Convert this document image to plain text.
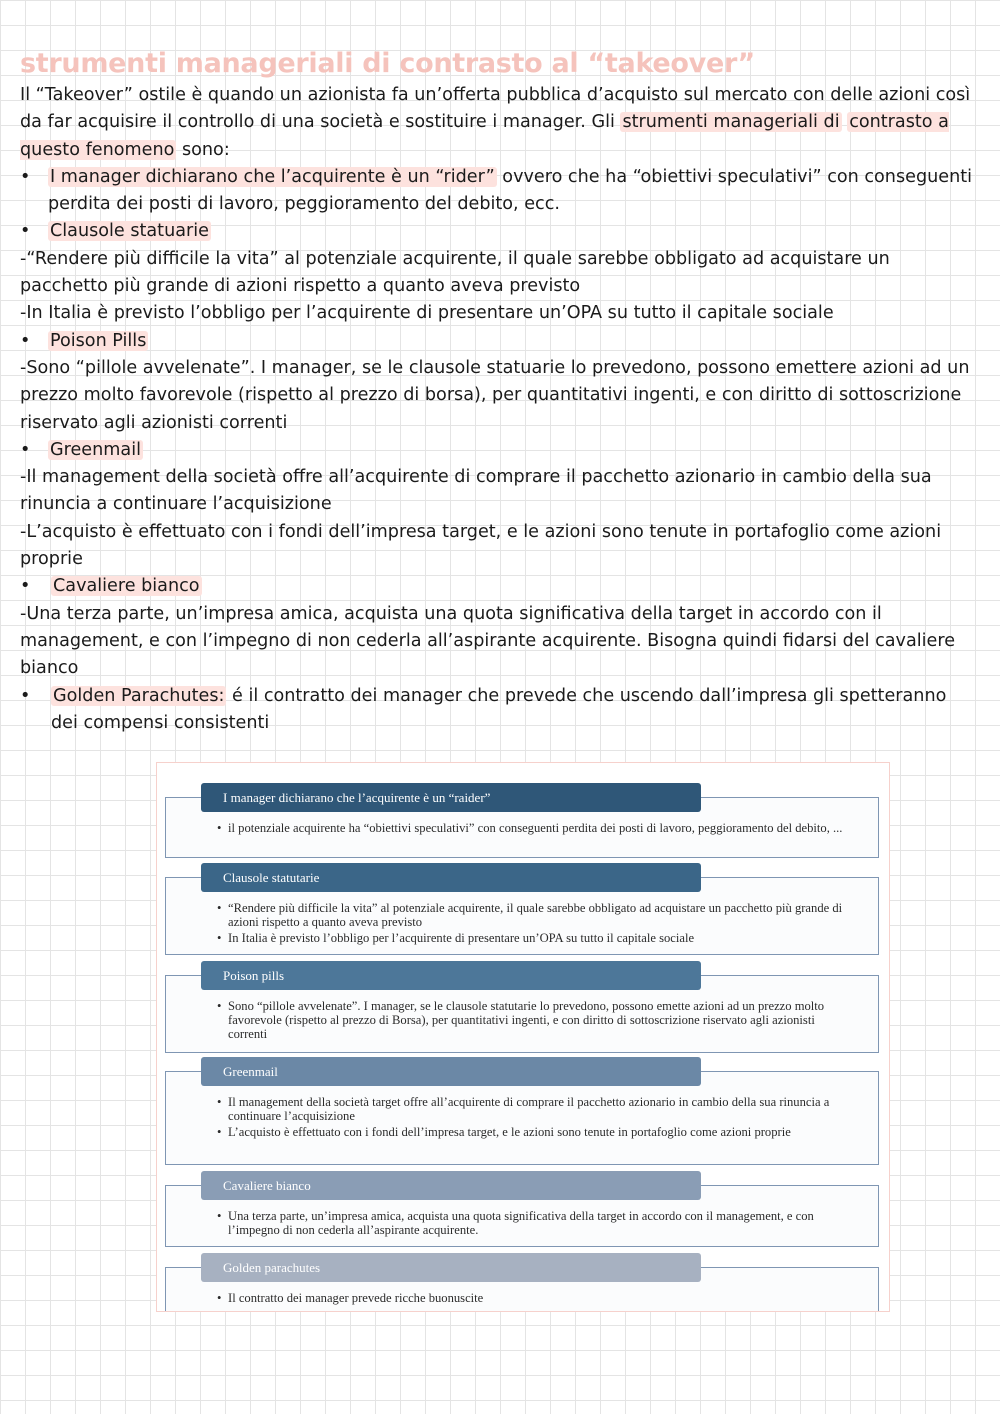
strumenti manageriali di contrasto al “takeover”

Il “Takeover” ostile è quando un azionista fa un’offerta pubblica d’acquisto sul mercato con delle azioni così da far acquisire il controllo di una società e sostituire i manager. Gli strumenti manageriali di contrasto a questo fenomeno sono:

• I manager dichiarano che l’acquirente è un “rider” ovvero che ha “obiettivi speculativi” con conseguenti perdita dei posti di lavoro, peggioramento del debito, ecc.

• Clausole statuarie

-“Rendere più difficile la vita” al potenziale acquirente, il quale sarebbe obbligato ad acquistare un pacchetto più grande di azioni rispetto a quanto aveva previsto

-In Italia è previsto l’obbligo per l’acquirente di presentare un’OPA su tutto il capitale sociale

• Poison Pills

-Sono “pillole avvelenate”. I manager, se le clausole statuarie lo prevedono, possono emettere azioni ad un prezzo molto favorevole (rispetto al prezzo di borsa), per quantitativi ingenti, e con diritto di sottoscrizione riservato agli azionisti correnti

• Greenmail

-Il management della società offre all’acquirente di comprare il pacchetto azionario in cambio della sua rinuncia a continuare l’acquisizione

-L’acquisto è effettuato con i fondi dell’impresa target, e le azioni sono tenute in portafoglio come azioni proprie

• Cavaliere bianco

-Una terza parte, un’impresa amica, acquista una quota significativa della target in accordo con il management, e con l’impegno di non cederla all’aspirante acquirente. Bisogna quindi fidarsi del cavaliere bianco

• Golden Parachutes: é il contratto dei manager che prevede che uscendo dall’impresa gli spetteranno dei compensi consistenti

I manager dichiarano che l’acquirente è un “raider”
• il potenziale acquirente ha “obiettivi speculativi” con conseguenti perdita dei posti di lavoro, peggioramento del debito, ...
Clausole statutarie
• “Rendere più difficile la vita” al potenziale acquirente, il quale sarebbe obbligato ad acquistare un pacchetto più grande di azioni rispetto a quanto aveva previsto
• In Italia è previsto l’obbligo per l’acquirente di presentare un’OPA su tutto il capitale sociale
Poison pills
• Sono “pillole avvelenate”. I manager, se le clausole statutarie lo prevedono, possono emette azioni ad un prezzo molto favorevole (rispetto al prezzo di Borsa), per quantitativi ingenti, e con diritto di sottoscrizione riservato agli azionisti correnti
Greenmail
• Il management della società target offre all’acquirente di comprare il pacchetto azionario in cambio della sua rinuncia a continuare l’acquisizione
• L’acquisto è effettuato con i fondi dell’impresa target, e le azioni sono tenute in portafoglio come azioni proprie
Cavaliere bianco
• Una terza parte, un’impresa amica, acquista una quota significativa della target in accordo con il management, e con l’impegno di non cederla all’aspirante acquirente.
Golden parachutes
• Il contratto dei manager prevede ricche buonuscite
